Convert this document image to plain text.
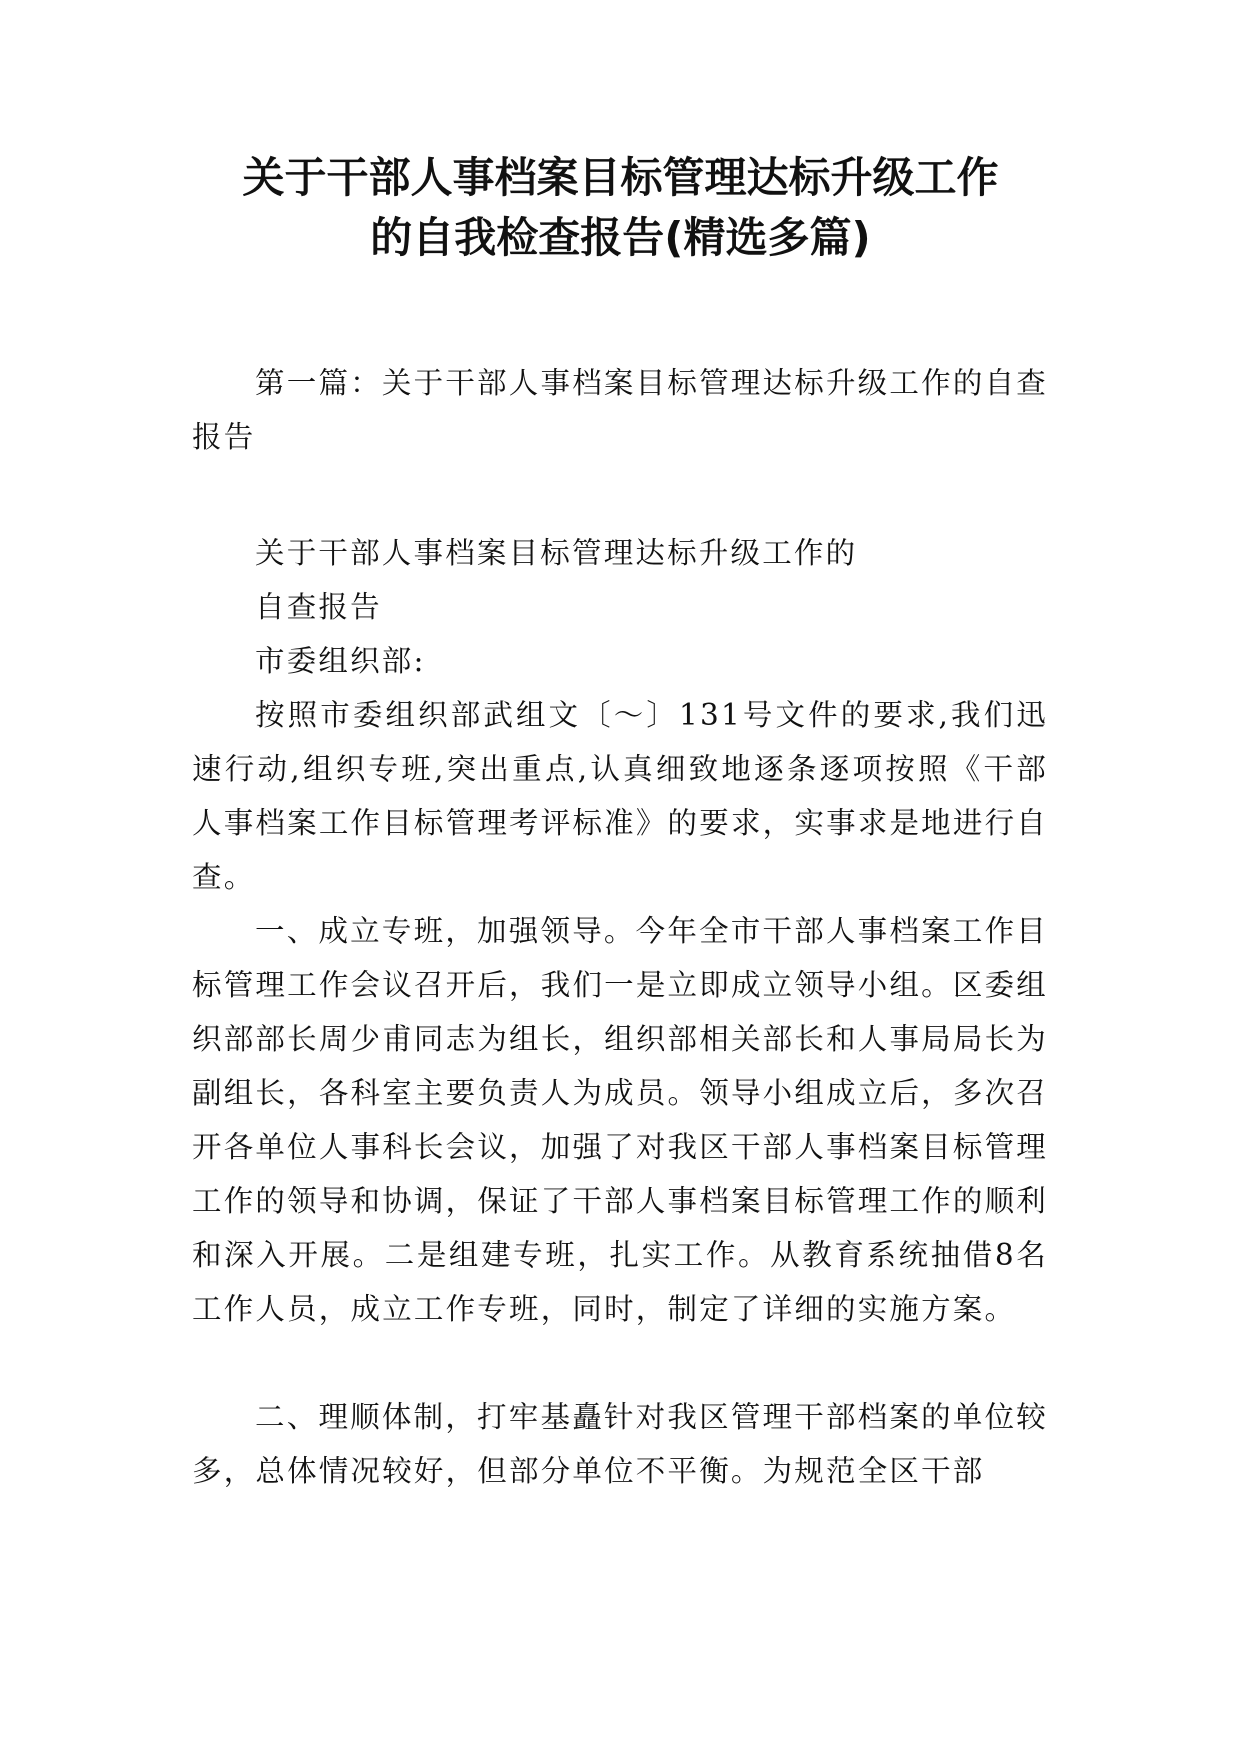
关于干部人事档案目标管理达标升级工作
的自我检查报告(精选多篇)

第一篇：关于干部人事档案目标管理达标升级工作的自查报告

关于干部人事档案目标管理达标升级工作的

自查报告

市委组织部:

按照市委组织部武组文〔～〕131号文件的要求,我们迅速行动,组织专班,突出重点,认真细致地逐条逐项按照《干部人事档案工作目标管理考评标准》的要求，实事求是地进行自查。

一、成立专班，加强领导。今年全市干部人事档案工作目标管理工作会议召开后，我们一是立即成立领导小组。区委组织部部长周少甫同志为组长，组织部相关部长和人事局局长为副组长，各科室主要负责人为成员。领导小组成立后，多次召开各单位人事科长会议，加强了对我区干部人事档案目标管理工作的领导和协调，保证了干部人事档案目标管理工作的顺利和深入开展。二是组建专班，扎实工作。从教育系统抽借8名工作人员，成立工作专班，同时，制定了详细的实施方案。

二、理顺体制，打牢基矗针对我区管理干部档案的单位较多，总体情况较好，但部分单位不平衡。为规范全区干部
